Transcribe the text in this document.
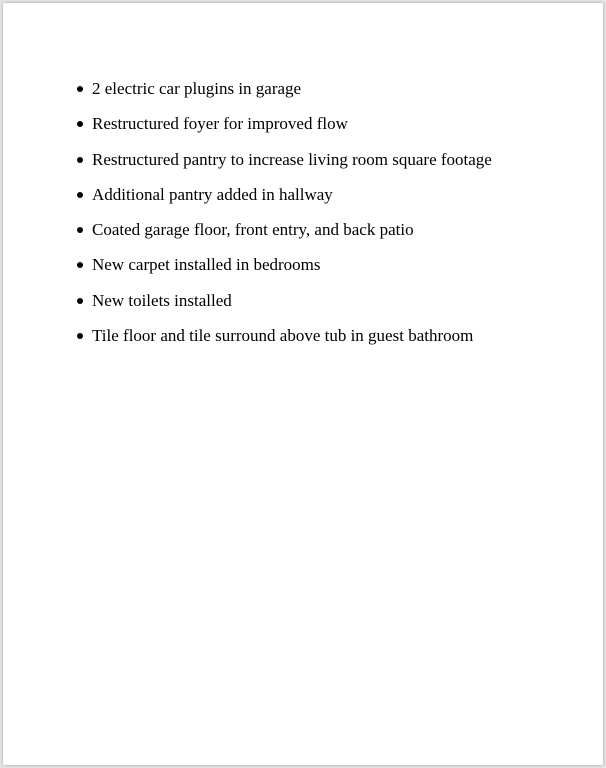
2 electric car plugins in garage
Restructured foyer for improved flow
Restructured pantry to increase living room square footage
Additional pantry added in hallway
Coated garage floor, front entry, and back patio
New carpet installed in bedrooms
New toilets installed
Tile floor and tile surround above tub in guest bathroom
